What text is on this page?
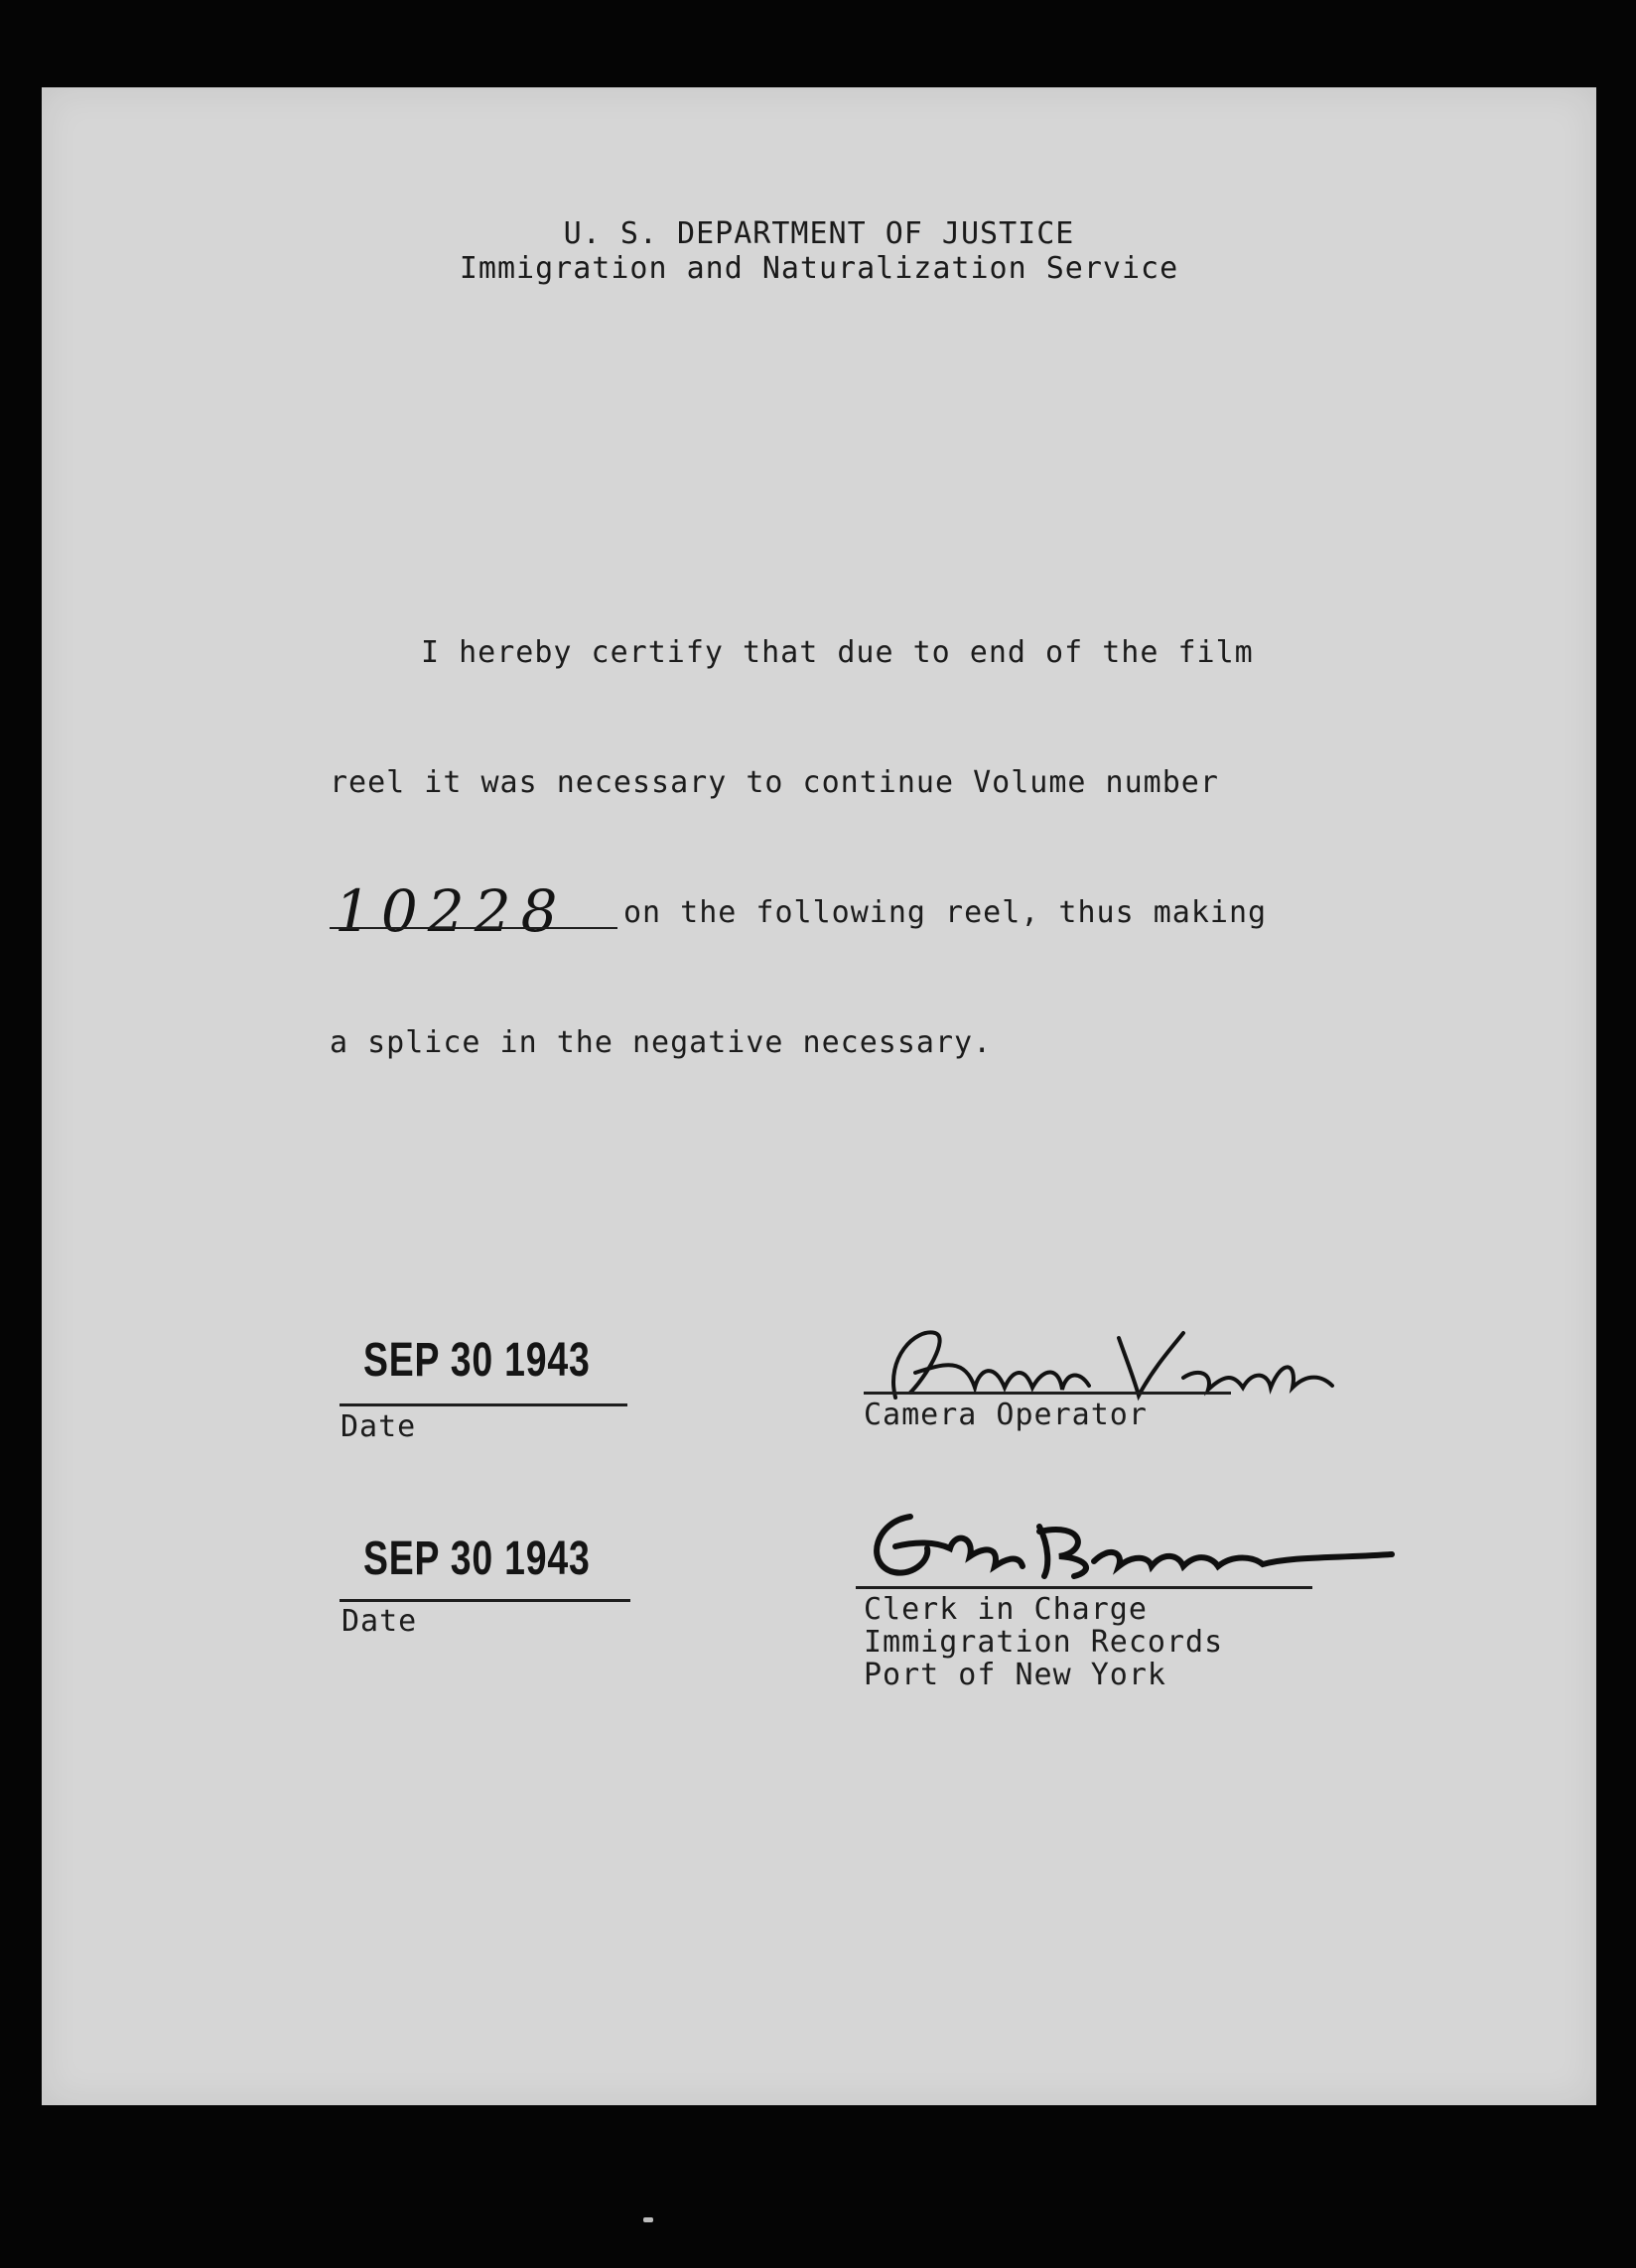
U. S. DEPARTMENT OF JUSTICE
Immigration and Naturalization Service
I hereby certify that due to end of the film
reel it was necessary to continue Volume number
10228 on the following reel, thus making
a splice in the negative necessary.
SEP 30 1943
Date	Camera Operator
SEP 30 1943
Date	Clerk in Charge
Immigration Records
Port of New York
